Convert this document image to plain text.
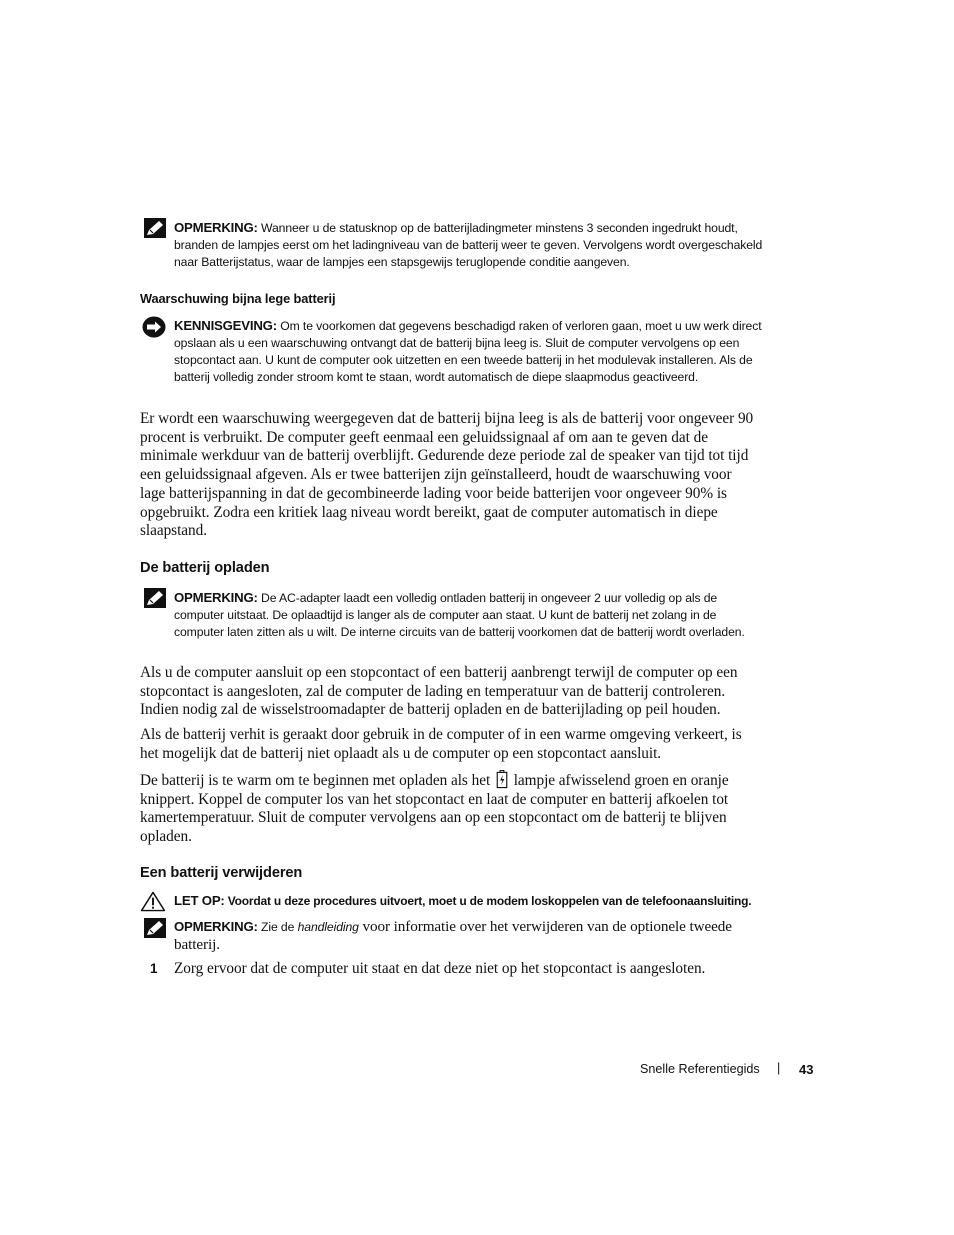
OPMERKING: Wanneer u de statusknop op de batterijladingmeter minstens 3 seconden ingedrukt houdt, branden de lampjes eerst om het ladingniveau van de batterij weer te geven. Vervolgens wordt overgeschakeld naar Batterijstatus, waar de lampjes een stapsgewijs teruglopende conditie aangeven.
Waarschuwing bijna lege batterij
KENNISGEVING: Om te voorkomen dat gegevens beschadigd raken of verloren gaan, moet u uw werk direct opslaan als u een waarschuwing ontvangt dat de batterij bijna leeg is. Sluit de computer vervolgens op een stopcontact aan. U kunt de computer ook uitzetten en een tweede batterij in het modulevak installeren. Als de batterij volledig zonder stroom komt te staan, wordt automatisch de diepe slaapmodus geactiveerd.
Er wordt een waarschuwing weergegeven dat de batterij bijna leeg is als de batterij voor ongeveer 90 procent is verbruikt. De computer geeft eenmaal een geluidssignaal af om aan te geven dat de minimale werkduur van de batterij overblijft. Gedurende deze periode zal de speaker van tijd tot tijd een geluidssignaal afgeven. Als er twee batterijen zijn geïnstalleerd, houdt de waarschuwing voor lage batterijspanning in dat de gecombineerde lading voor beide batterijen voor ongeveer 90% is opgebruikt. Zodra een kritiek laag niveau wordt bereikt, gaat de computer automatisch in diepe slaapstand.
De batterij opladen
OPMERKING: De AC-adapter laadt een volledig ontladen batterij in ongeveer 2 uur volledig op als de computer uitstaat. De oplaadtijd is langer als de computer aan staat. U kunt de batterij net zolang in de computer laten zitten als u wilt. De interne circuits van de batterij voorkomen dat de batterij wordt overladen.
Als u de computer aansluit op een stopcontact of een batterij aanbrengt terwijl de computer op een stopcontact is aangesloten, zal de computer de lading en temperatuur van de batterij controleren. Indien nodig zal de wisselstroomadapter de batterij opladen en de batterijlading op peil houden.
Als de batterij verhit is geraakt door gebruik in de computer of in een warme omgeving verkeert, is het mogelijk dat de batterij niet oplaadt als u de computer op een stopcontact aansluit.
De batterij is te warm om te beginnen met opladen als het  lampje afwisselend groen en oranje knippert. Koppel de computer los van het stopcontact en laat de computer en batterij afkoelen tot kamertemperatuur. Sluit de computer vervolgens aan op een stopcontact om de batterij te blijven opladen.
Een batterij verwijderen
LET OP: Voordat u deze procedures uitvoert, moet u de modem loskoppelen van de telefoonaansluiting.
OPMERKING: Zie de handleiding voor informatie over het verwijderen van de optionele tweede batterij.
1 Zorg ervoor dat de computer uit staat en dat deze niet op het stopcontact is aangesloten.
Snelle Referentiegids | 43
